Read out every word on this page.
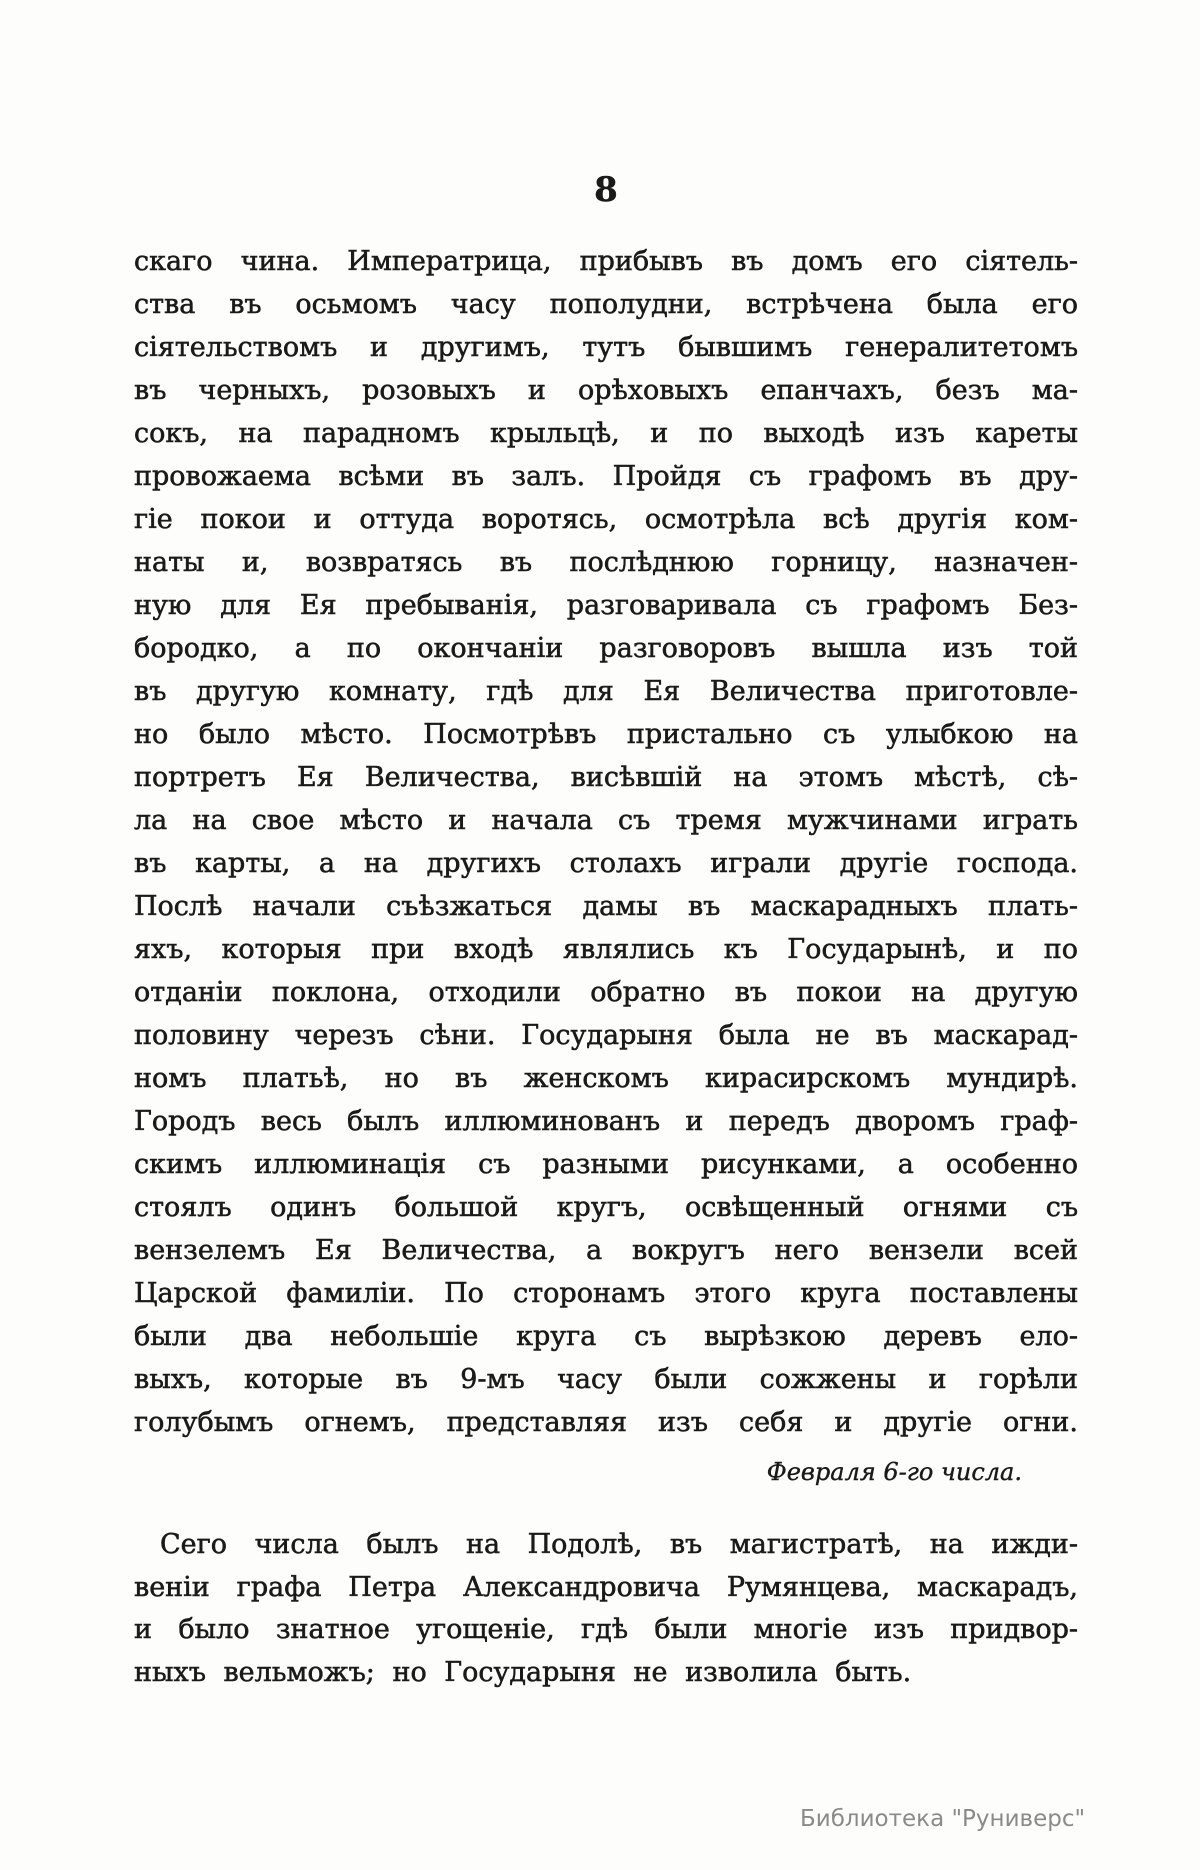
8
скаго чина. Императрица, прибывъ въ домъ его сіятель-
ства въ осьмомъ часу пополудни, встрѣчена была его
сіятельствомъ и другимъ, тутъ бывшимъ генералитетомъ
въ черныхъ, розовыхъ и орѣховыхъ епанчахъ, безъ ма-
сокъ, на парадномъ крыльцѣ, и по выходѣ изъ кареты
провожаема всѣми въ залъ. Пройдя съ графомъ въ дру-
гіе покои и оттуда воротясь, осмотрѣла всѣ другія ком-
наты и, возвратясь въ послѣднюю горницу, назначен-
ную для Ея пребыванія, разговаривала съ графомъ Без-
бородко, а по окончаніи разговоровъ вышла изъ той
въ другую комнату, гдѣ для Ея Величества приготовле-
но было мѣсто. Посмотрѣвъ пристально съ улыбкою на
портретъ Ея Величества, висѣвшій на этомъ мѣстѣ, сѣ-
ла на свое мѣсто и начала съ тремя мужчинами играть
въ карты, а на другихъ столахъ играли другіе господа.
Послѣ начали съѣзжаться дамы въ маскарадныхъ плать-
яхъ, которыя при входѣ являлись къ Государынѣ, и по
отданіи поклона, отходили обратно въ покои на другую
половину черезъ сѣни. Государыня была не въ маскарад-
номъ платьѣ, но въ женскомъ кирасирскомъ мундирѣ.
Городъ весь былъ иллюминованъ и передъ дворомъ граф-
скимъ иллюминація съ разными рисунками, а особенно
стоялъ одинъ большой кругъ, освѣщенный огнями съ
вензелемъ Ея Величества, а вокругъ него вензели всей
Царской фамиліи. По сторонамъ этого круга поставлены
были два небольшіе круга съ вырѣзкою деревъ ело-
выхъ, которые въ 9-мъ часу были сожжены и горѣли
голубымъ огнемъ, представляя изъ себя и другіе огни.
Февраля 6-го числа.
Сего числа былъ на Подолѣ, въ магистратѣ, на ижди-
веніи графа Петра Александровича Румянцева, маскарадъ,
и было знатное угощеніе, гдѣ были многіе изъ придвор-
ныхъ вельможъ; но Государыня не изволила быть.
Библиотека "Руниверс"
